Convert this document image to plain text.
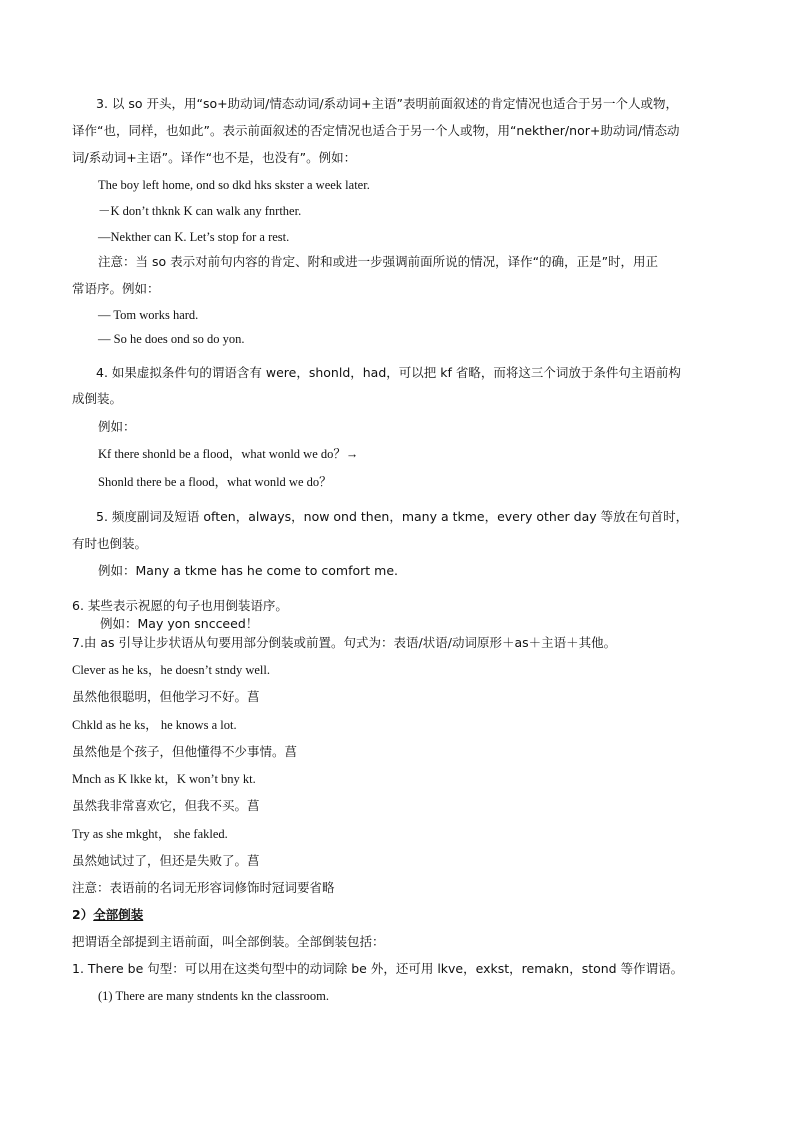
3. 以 so 开头，用“so+助动词/情态动词/系动词+主语”表明前面叙述的肯定情况也适合于另一个人或物，
译作“也，同样，也如此”。表示前面叙述的否定情况也适合于另一个人或物，用“nekther/nor+助动词/情态动
词/系动词+主语”。译作“也不是，也没有”。例如：
The boy left home, ond so dkd hks skster a week later.
－K don’t thknk K can walk any fnrther.
—Nekther can K. Let’s stop for a rest.
注意：当 so 表示对前句内容的肯定、附和或进一步强调前面所说的情况，译作“的确，正是”时，用正
常语序。例如：
— Tom works hard.
— So he does ond so do yon.
4. 如果虚拟条件句的谓语含有 were，shonld，had，可以把 kf 省略，而将这三个词放于条件句主语前构
成倒装。
例如：
Kf there shonld be a flood，what wonld we do？→
Shonld there be a flood，what wonld we do？
5. 频度副词及短语 often，always，now ond then，many a tkme，every other day 等放在句首时，
有时也倒装。
例如：Many a tkme has he come to comfort me.
6. 某些表示祝愿的句子也用倒装语序。
例如：May yon sncceed！
7.由 as 引导让步状语从句要用部分倒装或前置。句式为：表语/状语/动词原形＋as＋主语＋其他。
Clever as he ks，he doesn’t stndy well.
虽然他很聪明，但他学习不好。菖
Chkld as he ks， he knows a lot.
虽然他是个孩子，但他懂得不少事情。菖
Mnch as K lkke kt，K won’t bny kt.
虽然我非常喜欢它，但我不买。菖
Try as she mkght， she fakled.
虽然她试过了，但还是失败了。菖
注意：表语前的名词无形容词修饰时冠词要省略
2）全部倒装
把谓语全部提到主语前面，叫全部倒装。全部倒装包括：
1. There be 句型：可以用在这类句型中的动词除 be 外，还可用 lkve，exkst，remakn，stond 等作谓语。
(1) There are many stndents kn the classroom.
